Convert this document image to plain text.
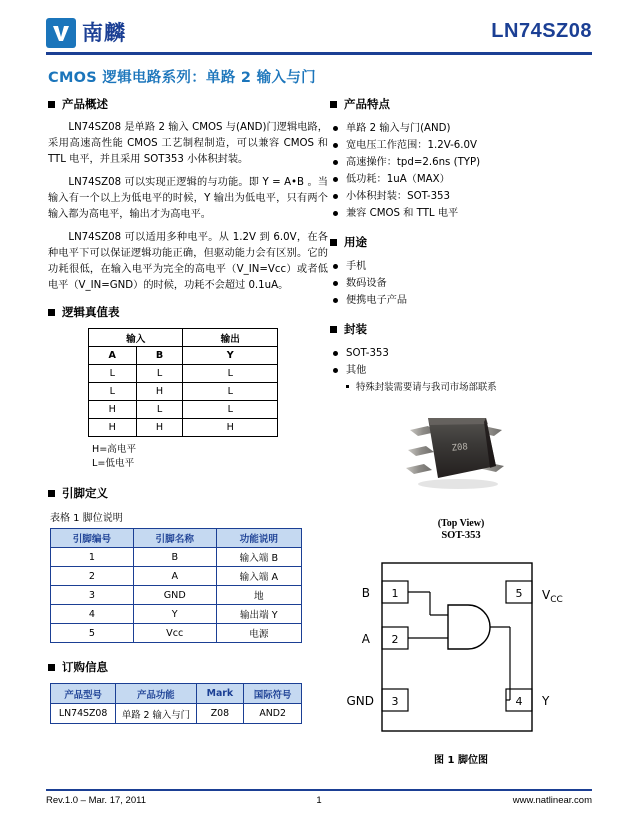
南麟	LN74SZ08
CMOS 逻辑电路系列：单路 2 输入与门
产品概述

LN74SZ08 是单路 2 输入 CMOS 与(AND)门逻辑电路，采用高速高性能 CMOS 工艺制程制造，可以兼容 CMOS 和 TTL 电平，并且采用 SOT353 小体积封装。

LN74SZ08 可以实现正逻辑的与功能。即 Y = A•B 。当输入有一个以上为低电平的时候，Y 输出为低电平，只有两个输入都为高电平，输出才为高电平。

LN74SZ08 可以适用多种电平。从 1.2V 到 6.0V，在各种电平下可以保证逻辑功能正确，但驱动能力会有区别。它的功耗很低，在输入电平为完全的高电平（V_IN=Vcc）或者低电平（V_IN=GND）的时候，功耗不会超过 0.1uA。

逻辑真值表
输入		输出
A	B	Y
L	L	L
L	H	L
H	L	L
H	H	H
H=高电平
L=低电平
引脚定义
表格 1 脚位说明
引脚编号	引脚名称	功能说明
1	B	输入端 B
2	A	输入端 A
3	GND	地
4	Y	输出端 Y
5	Vcc	电源
订购信息
产品型号	产品功能	Mark	国际符号
LN74SZ08	单路 2 输入与门	Z08	AND2
产品特点
单路 2 输入与门(AND)
宽电压工作范围：1.2V-6.0V
高速操作：tpd=2.6ns (TYP)
低功耗：1uA（MAX）
小体积封装：SOT-353
兼容 CMOS 和 TTL 电平
用途
手机
数码设备
便携电子产品
封装
SOT-353
其他
特殊封装需要请与我司市场部联系
Z08
(Top View)
SOT-353
1
2
3
5
4
B
A
GND
$V_{CC}$
Y
图 1 脚位图
Rev.1.0 – Mar. 17, 2011	1	www.natlinear.com
